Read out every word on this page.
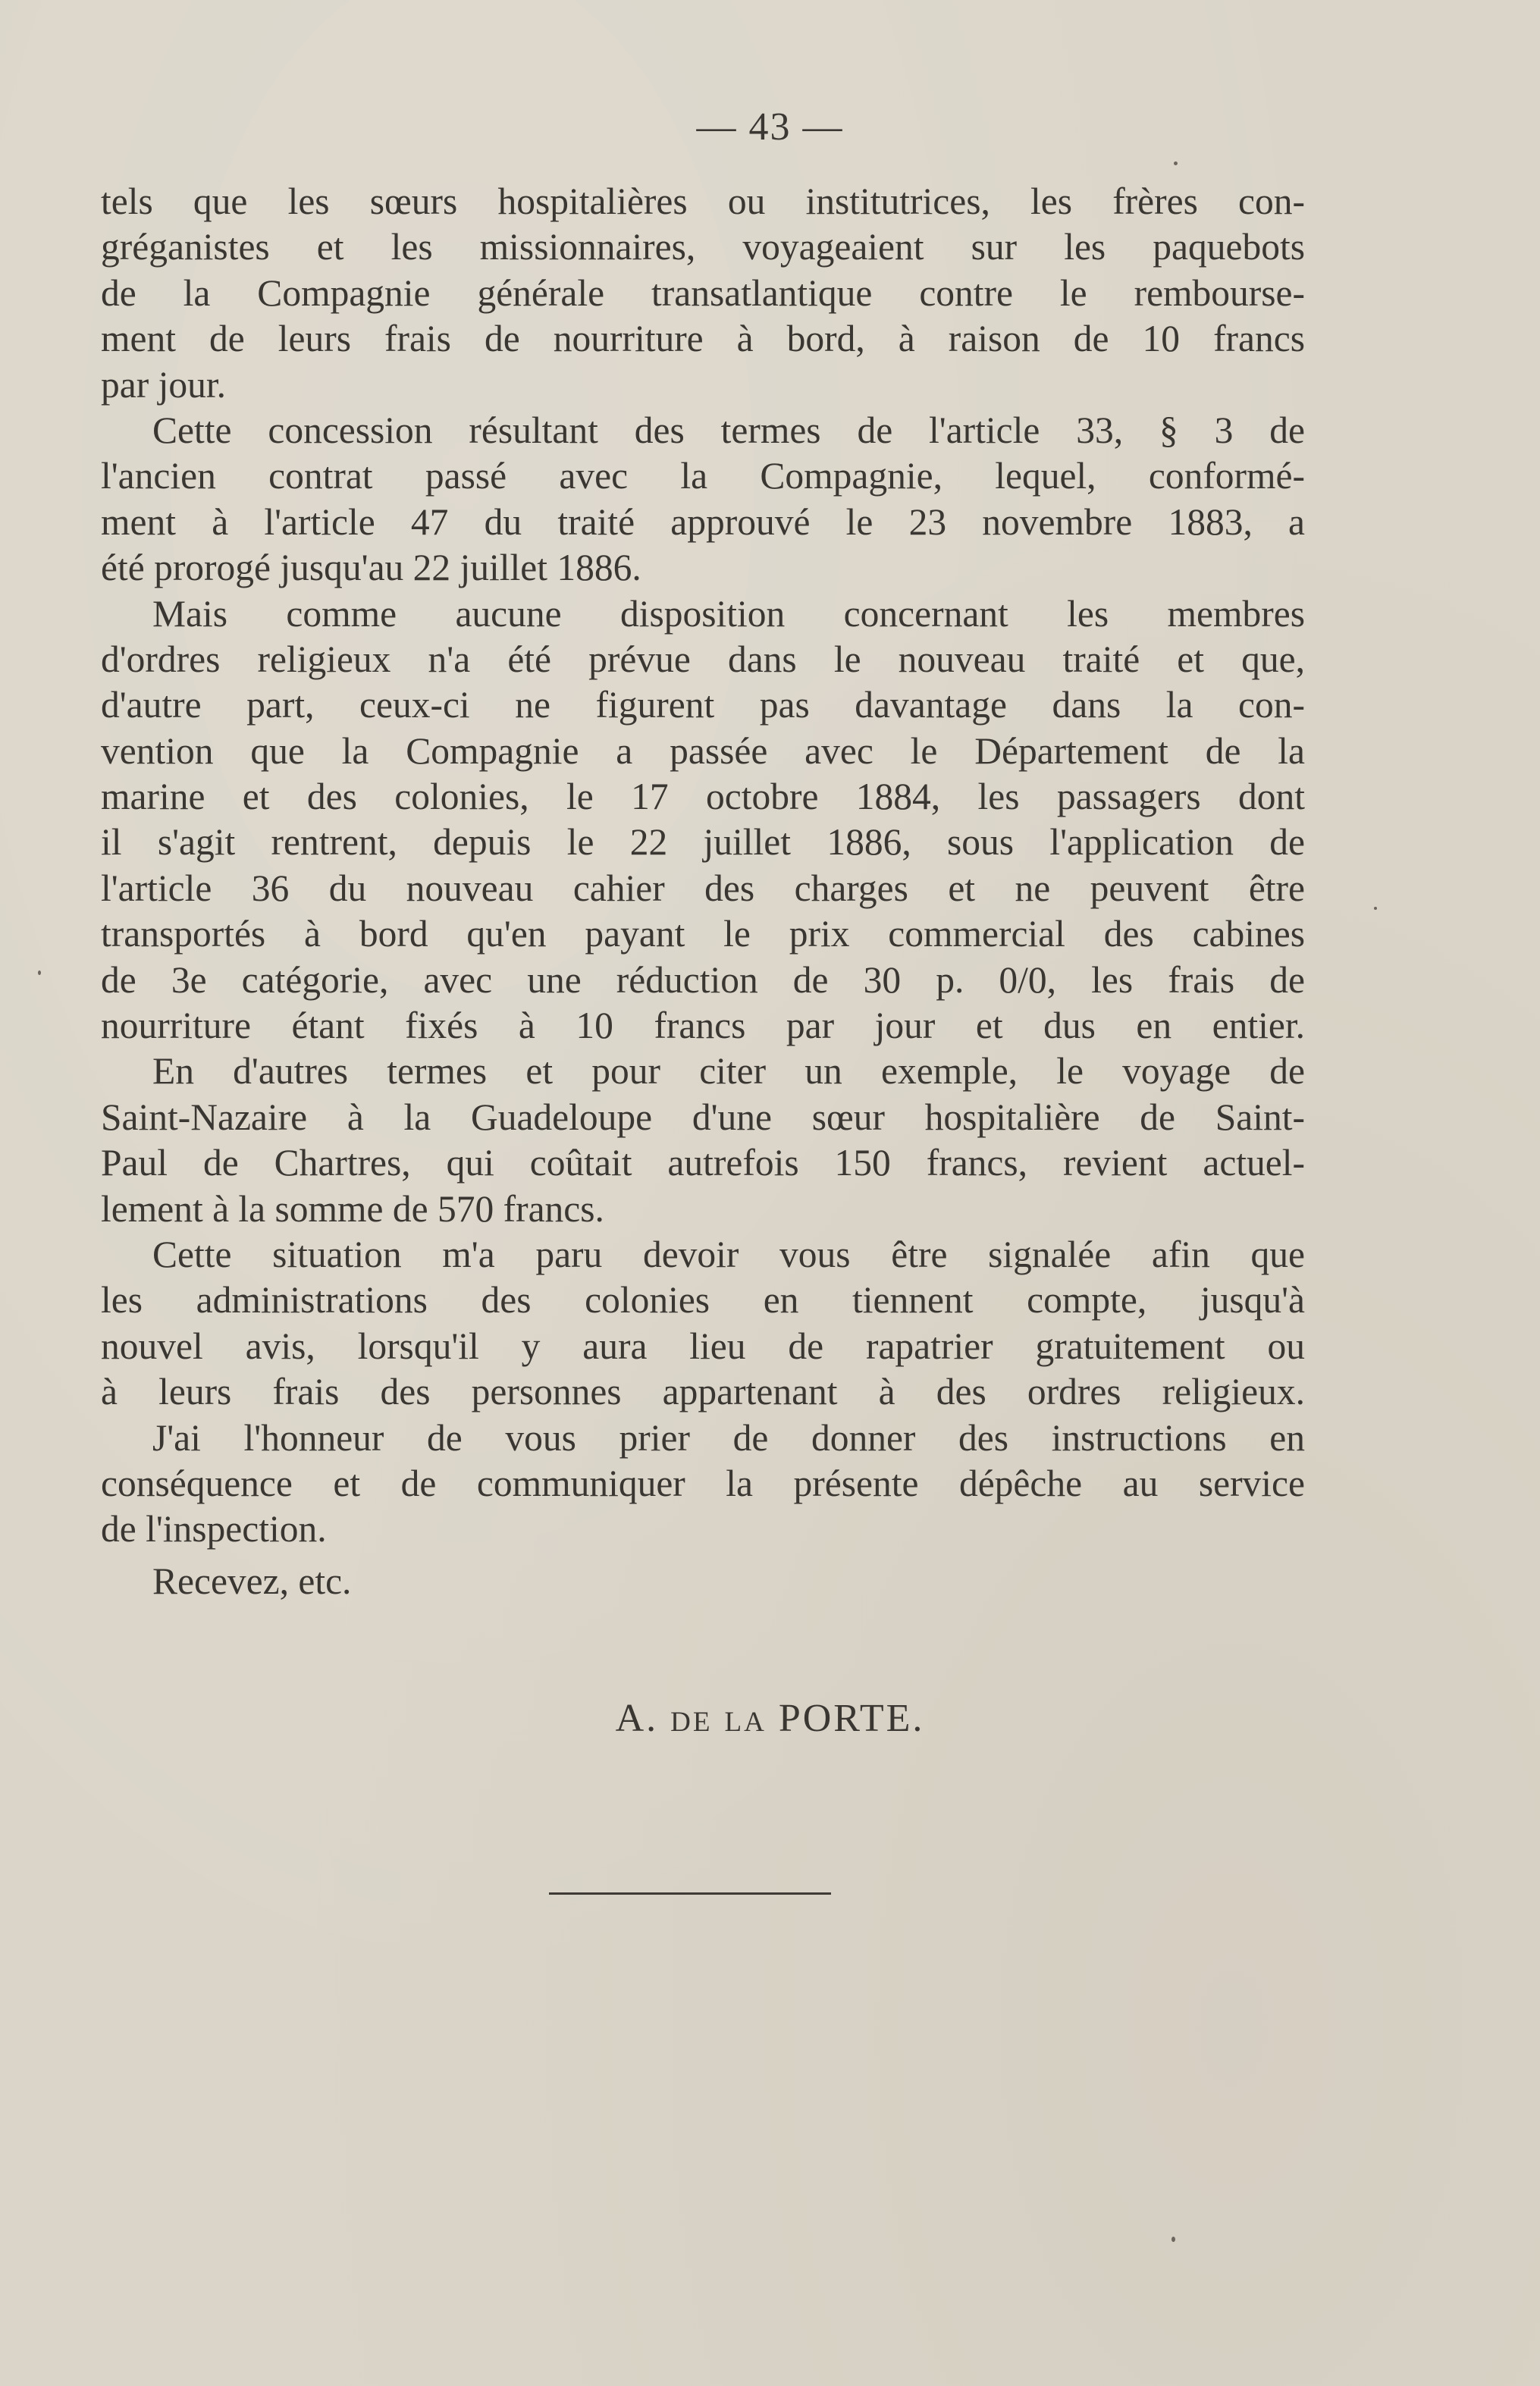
— 43 —
tels que les sœurs hospitalières ou institutrices, les frères con-
gréganistes et les missionnaires, voyageaient sur les paquebots
de la Compagnie générale transatlantique contre le rembourse-
ment de leurs frais de nourriture à bord, à raison de 10 francs
par jour.
Cette concession résultant des termes de l'article 33, § 3 de
l'ancien contrat passé avec la Compagnie, lequel, conformé-
ment à l'article 47 du traité approuvé le 23 novembre 1883, a
été prorogé jusqu'au 22 juillet 1886.
Mais comme aucune disposition concernant les membres
d'ordres religieux n'a été prévue dans le nouveau traité et que,
d'autre part, ceux-ci ne figurent pas davantage dans la con-
vention que la Compagnie a passée avec le Département de la
marine et des colonies, le 17 octobre 1884, les passagers dont
il s'agit rentrent, depuis le 22 juillet 1886, sous l'application de
l'article 36 du nouveau cahier des charges et ne peuvent être
transportés à bord qu'en payant le prix commercial des cabines
de 3e catégorie, avec une réduction de 30 p. 0/0, les frais de
nourriture étant fixés à 10 francs par jour et dus en entier.
En d'autres termes et pour citer un exemple, le voyage de
Saint-Nazaire à la Guadeloupe d'une sœur hospitalière de Saint-
Paul de Chartres, qui coûtait autrefois 150 francs, revient actuel-
lement à la somme de 570 francs.
Cette situation m'a paru devoir vous être signalée afin que
les administrations des colonies en tiennent compte, jusqu'à
nouvel avis, lorsqu'il y aura lieu de rapatrier gratuitement ou
à leurs frais des personnes appartenant à des ordres religieux.
J'ai l'honneur de vous prier de donner des instructions en
conséquence et de communiquer la présente dépêche au service
de l'inspection.
Recevez, etc.
A. DE LA PORTE.
